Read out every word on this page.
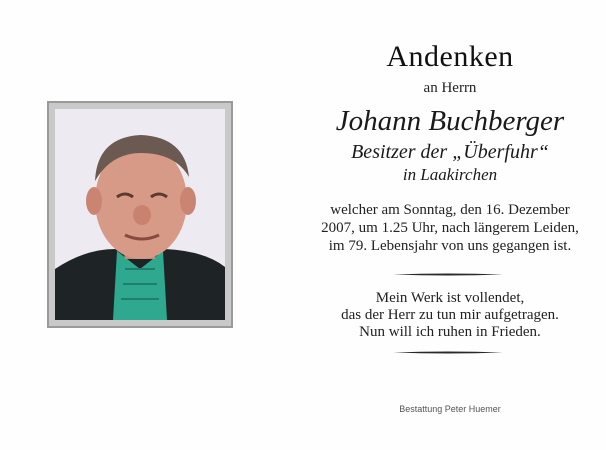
Andenken
an Herrn
Johann Buchberger
Besitzer der „Überfuhr“
in Laakirchen
welcher am Sonntag, den 16. Dezember
2007, um 1.25 Uhr, nach längerem Leiden,
im 79. Lebensjahr von uns gegangen ist.
Mein Werk ist vollendet,
das der Herr zu tun mir aufgetragen.
Nun will ich ruhen in Frieden.
Bestattung Peter Huemer
